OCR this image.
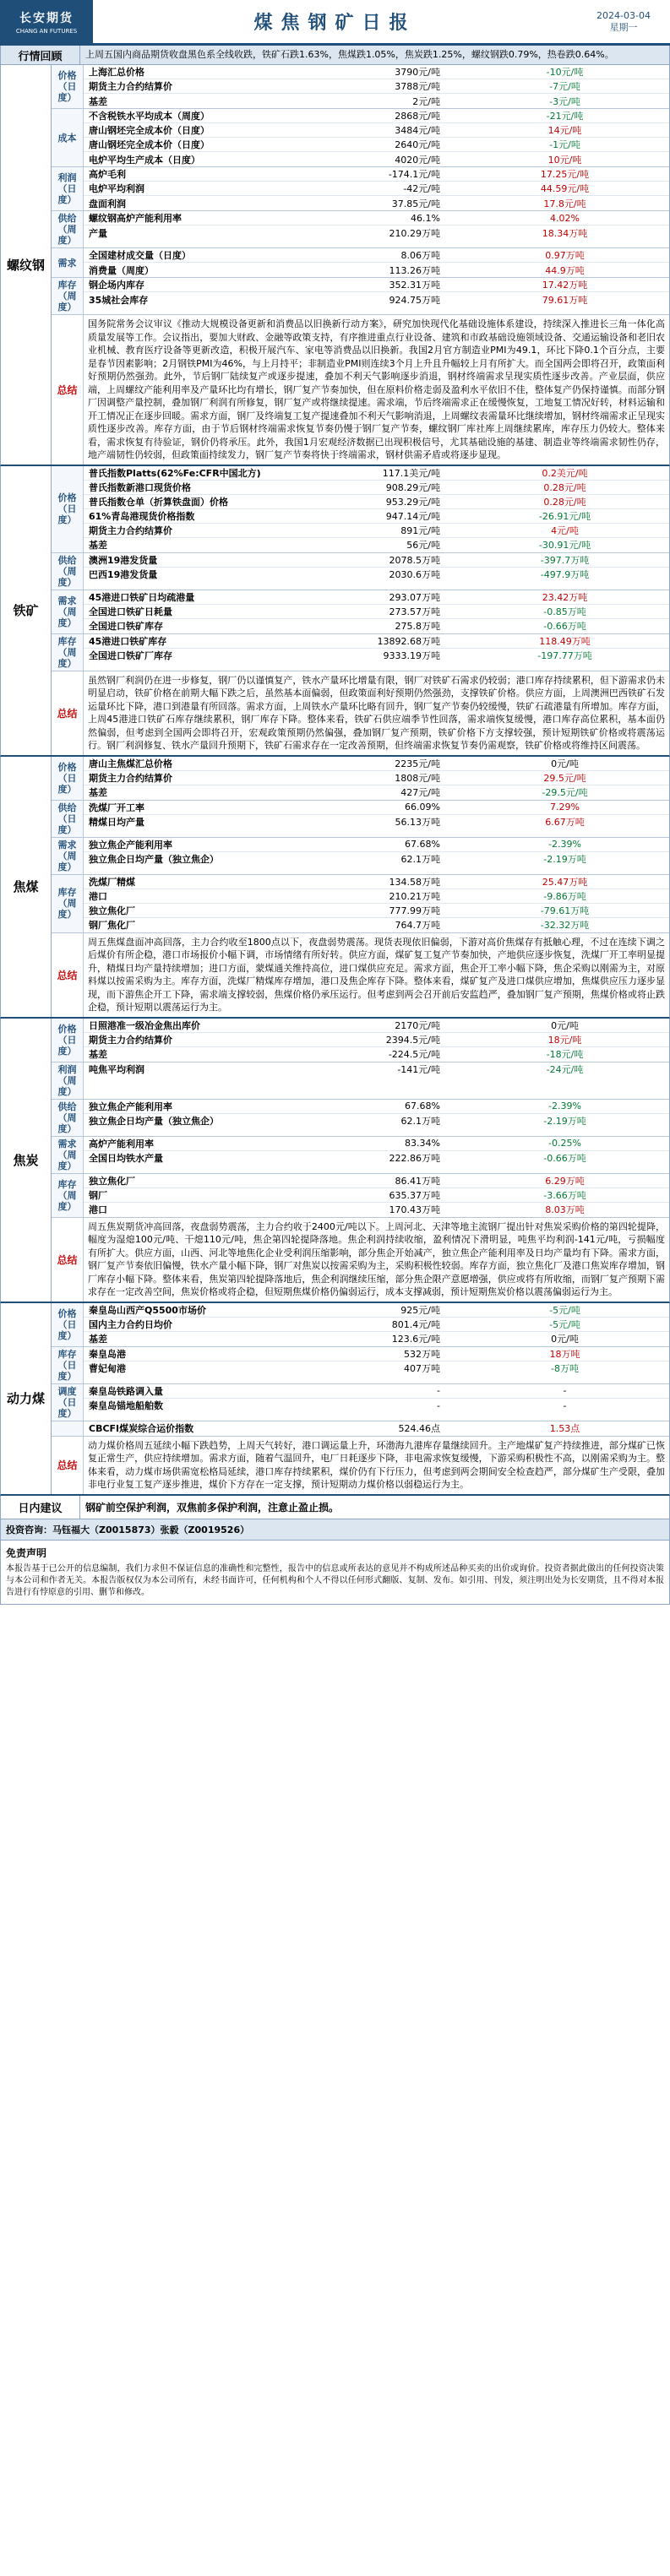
长安期货
CHANG AN FUTURES	煤焦钢矿日报	2024-03-04
星期一
行情回顾	上周五国内商品期货收盘黑色系全线收跌，铁矿石跌1.63%，焦煤跌1.05%，焦炭跌1.25%，螺纹钢跌0.79%，热卷跌0.64%。
螺纹钢
价格（日度）
上海汇总价格	3790元/吨	-10元/吨
期货主力合约结算价	3788元/吨	-7元/吨
基差	2元/吨	-3元/吨
成本
不含税铁水平均成本（周度）	2868元/吨	-21元/吨
唐山钢坯完全成本价（日度）	3484元/吨	14元/吨
唐山钢坯完全成本价（日度）	2640元/吨	-1元/吨
电炉平均生产成本（日度）	4020元/吨	10元/吨
利润（日度）
高炉毛利	-174.1元/吨	17.25元/吨
电炉平均利润	-42元/吨	44.59元/吨
盘面利润	37.85元/吨	17.8元/吨
供给（周度）
螺纹钢高炉产能利用率	46.1%	4.02%
产量	210.29万吨	18.34万吨
需求
全国建材成交量（日度）	8.06万吨	0.97万吨
消费量（周度）	113.26万吨	44.9万吨
库存（周度）
钢企场内库存	352.31万吨	17.42万吨
35城社会库存	924.75万吨	79.61万吨
总结
国务院常务会议审议《推动大规模设备更新和消费品以旧换新行动方案》，研究加快现代化基础设施体系建设，持续深入推进长三角一体化高质量发展等工作。会议指出，要加大财政、金融等政策支持，有序推进重点行业设备、建筑和市政基础设施领域设备、交通运输设备和老旧农业机械、教育医疗设备等更新改造，积极开展汽车、家电等消费品以旧换新。我国2月官方制造业PMI为49.1，环比下降0.1个百分点，主要是春节因素影响；2月钢铁PMI为46%，与上月持平；非制造业PMI则连续3个月上升且升幅较上月有所扩大。而全国两会即将召开，政策面利好预期仍然强劲。此外，节后钢厂陆续复产或逐步提速，叠加不利天气影响逐步消退，钢材终端需求呈现实质性逐步改善。产业层面，供应端，上周螺纹产能利用率及产量环比均有增长，钢厂复产节奏加快，但在原料价格走弱及盈利水平依旧不佳，整体复产仍保持谨慎。而部分钢厂因调整产量控制，叠加钢厂利润有所修复，钢厂复产或将继续提速。需求端，节后终端需求正在缓慢恢复，工地复工情况好转，材料运输和开工情况正在逐步回暖。需求方面，钢厂及终端复工复产提速叠加不利天气影响消退，上周螺纹表需量环比继续增加，钢材终端需求正呈现实质性逐步改善。库存方面，由于节后钢材终端需求恢复节奏仍慢于钢厂复产节奏，螺纹钢厂库社库上周继续累库，库存压力仍较大。整体来看，需求恢复有待验证，钢价仍将承压。此外，我国1月宏观经济数据已出现积极信号，尤其基础设施的基建、制造业等终端需求韧性仍存，地产端韧性仍较弱，但政策面持续发力，钢厂复产节奏将快于终端需求，钢材供需矛盾或将逐步显现。
铁矿
价格（日度）
普氏指数Platts(62%Fe:CFR中国北方)	117.1美元/吨	0.2美元/吨
普氏指数新港口现货价格	908.29元/吨	0.28元/吨
普氏指数仓单（折算铁盘面）价格	953.29元/吨	0.28元/吨
61%青岛港现货价格指数	947.14元/吨	-26.91元/吨
期货主力合约结算价	891元/吨	4元/吨
基差	56元/吨	-30.91元/吨
供给（周度）
澳洲19港发货量	2078.5万吨	-397.7万吨
巴西19港发货量	2030.6万吨	-497.9万吨
需求（周度）
45港进口铁矿日均疏港量	293.07万吨	23.42万吨
全国进口铁矿日耗量	273.57万吨	-0.85万吨
全国进口铁矿库存	275.8万吨	-0.66万吨
库存（周度）
45港进口铁矿库存	13892.68万吨	118.49万吨
全国进口铁矿厂库存	9333.19万吨	-197.77万吨
总结
虽然钢厂利润仍在进一步修复，钢厂仍以谨慎复产，铁水产量环比增量有限，钢厂对铁矿石需求仍较弱；港口库存持续累积，但下游需求仍未明显启动，铁矿价格在前期大幅下跌之后，虽然基本面偏弱，但政策面利好预期仍然强劲，支撑铁矿价格。供应方面，上周澳洲巴西铁矿石发运量环比下降，港口到港量有所回落。需求方面，上周铁水产量环比略有回升，钢厂复产节奏仍较缓慢，铁矿石疏港量有所增加。库存方面，上周45港进口铁矿石库存继续累积，钢厂库存下降。整体来看，铁矿石供应端季节性回落，需求端恢复缓慢，港口库存高位累积，基本面仍然偏弱，但考虑到全国两会即将召开，宏观政策预期仍然偏强，叠加钢厂复产预期，铁矿价格下方支撑较强，预计短期铁矿价格或将震荡运行。钢厂利润修复、铁水产量回升预期下，铁矿石需求存在一定改善预期，但终端需求恢复节奏仍需观察，铁矿价格或将维持区间震荡。
焦煤
价格（日度）
唐山主焦煤汇总价格	2235元/吨	0元/吨
期货主力合约结算价	1808元/吨	29.5元/吨
基差	427元/吨	-29.5元/吨
供给（日度）
洗煤厂开工率	66.09%	7.29%
精煤日均产量	56.13万吨	6.67万吨
需求（周度）
独立焦企产能利用率	67.68%	-2.39%
独立焦企日均产量（独立焦企）	62.1万吨	-2.19万吨
库存（周度）
洗煤厂精煤	134.58万吨	25.47万吨
港口	210.21万吨	-9.86万吨
独立焦化厂	777.99万吨	-79.61万吨
钢厂焦化厂	764.7万吨	-32.32万吨
总结
周五焦煤盘面冲高回落，主力合约收至1800点以下，夜盘弱势震荡。现货表现依旧偏弱，下游对高价焦煤存有抵触心理，不过在连续下调之后煤价有所企稳，港口市场报价小幅下调，市场情绪有所好转。供应方面，煤矿复工复产节奏加快，产地供应逐步恢复，洗煤厂开工率明显提升，精煤日均产量持续增加；进口方面，蒙煤通关维持高位，进口煤供应充足。需求方面，焦企开工率小幅下降，焦企采购以刚需为主，对原料煤以按需采购为主。库存方面，洗煤厂精煤库存增加，港口及焦企库存下降。整体来看，煤矿复产及进口煤供应增加，焦煤供应压力逐步显现，而下游焦企开工下降，需求端支撑较弱，焦煤价格仍承压运行。但考虑到两会召开前后安监趋严，叠加钢厂复产预期，焦煤价格或将止跌企稳，预计短期以震荡运行为主。
焦炭
价格（日度）
日照港准一级冶金焦出库价	2170元/吨	0元/吨
期货主力合约结算价	2394.5元/吨	18元/吨
基差	-224.5元/吨	-18元/吨
利润（周度）
吨焦平均利润	-141元/吨	-24元/吨
供给（周度）
独立焦企产能利用率	67.68%	-2.39%
独立焦企日均产量（独立焦企）	62.1万吨	-2.19万吨
需求（周度）
高炉产能利用率	83.34%	-0.25%
全国日均铁水产量	222.86万吨	-0.66万吨
库存（周度）
独立焦化厂	86.41万吨	6.29万吨
钢厂	635.37万吨	-3.66万吨
港口	170.43万吨	8.03万吨
总结
周五焦炭期货冲高回落，夜盘弱势震荡，主力合约收于2400元/吨以下。上周河北、天津等地主流钢厂提出针对焦炭采购价格的第四轮提降，幅度为湿熄100元/吨、干熄110元/吨，焦企第四轮提降落地。焦企利润持续收缩，盈利情况下滑明显，吨焦平均利润-141元/吨，亏损幅度有所扩大。供应方面，山西、河北等地焦化企业受利润压缩影响，部分焦企开始减产，独立焦企产能利用率及日均产量均有下降。需求方面，钢厂复产节奏依旧偏慢，铁水产量小幅下降，钢厂对焦炭以按需采购为主，采购积极性较弱。库存方面，独立焦化厂及港口焦炭库存增加，钢厂库存小幅下降。整体来看，焦炭第四轮提降落地后，焦企利润继续压缩，部分焦企限产意愿增强，供应或将有所收缩，而钢厂复产预期下需求存在一定改善空间，焦炭价格或将企稳，但短期焦煤价格仍偏弱运行，成本支撑减弱，预计短期焦炭价格以震荡偏弱运行为主。
动力煤
价格（日度）
秦皇岛山西产Q5500市场价	925元/吨	-5元/吨
国内主力合约日均价	801.4元/吨	-5元/吨
基差	123.6元/吨	0元/吨
库存（日度）
秦皇岛港	532万吨	18万吨
曹妃甸港	407万吨	-8万吨
调度（日度）
秦皇岛铁路调入量	-	-
秦皇岛锚地船舶数	-	-
CBCFI煤炭综合运价指数	524.46点	1.53点
总结
动力煤价格周五延续小幅下跌趋势，上周天气转好，港口调运量上升，环渤海九港库存量继续回升。主产地煤矿复产持续推进，部分煤矿已恢复正常生产，供应持续增加。需求方面，随着气温回升，电厂日耗逐步下降，非电需求恢复缓慢，下游采购积极性不高，以刚需采购为主。整体来看，动力煤市场供需宽松格局延续，港口库存持续累积，煤价仍有下行压力，但考虑到两会期间安全检查趋严，部分煤矿生产受限，叠加非电行业复工复产逐步推进，煤价下方存在一定支撑，预计短期动力煤价格以弱稳运行为主。
日内建议	钢矿前空保护利润，双焦前多保护利润，注意止盈止损。
投资咨询：马钰福大（Z0015873）张毅（Z0019526）
免责声明
本报告基于已公开的信息编制，我们力求但不保证信息的准确性和完整性，报告中的信息或所表达的意见并不构成所述品种买卖的出价或询价。投资者据此做出的任何投资决策与本公司和作者无关。本报告版权仅为本公司所有，未经书面许可，任何机构和个人不得以任何形式翻版、复制、发布。如引用、刊发，须注明出处为长安期货，且不得对本报告进行有悖原意的引用、删节和修改。
